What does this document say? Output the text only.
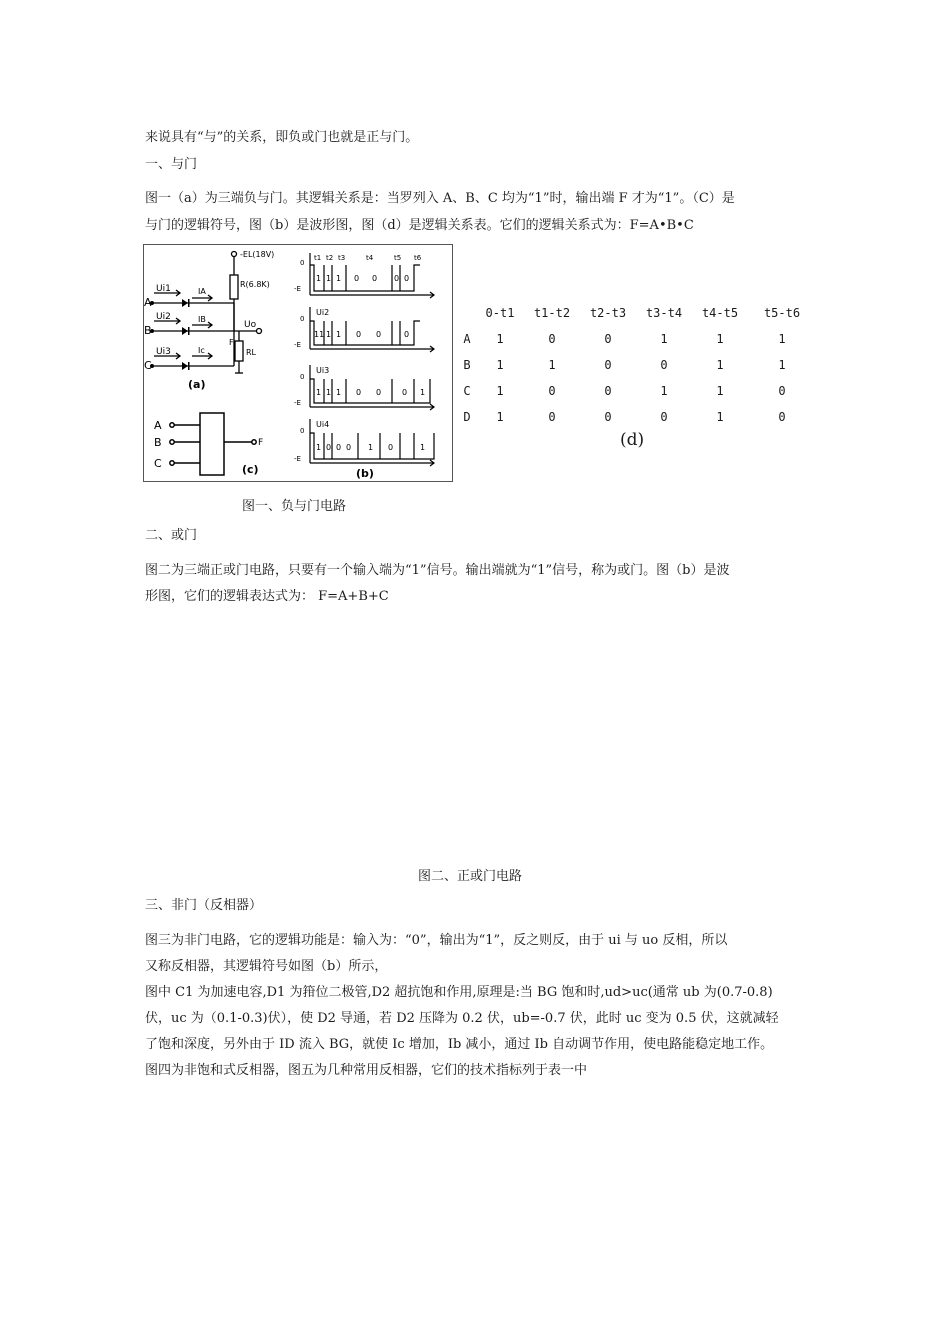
来说具有“与”的关系，即负或门也就是正与门。
一、与门
图一（a）为三端负与门。其逻辑关系是：当罗列入 A、B、C 均为“1”时，输出端 F 才为“1”。（C）是
与门的逻辑符号，图（b）是波形图，图（d）是逻辑关系表。它们的逻辑关系式为：F=A•B•C
-EL(18V)
R(6.8K)
Ui1
Ui2
Ui3
A
B
C
IA
IB
Ic
Uo
F
RL
(a)
A
B
C
F
(c)
0
-E
0
-E
0
-E
0
-E
t1 t2 t3	t4	t5 t6
Ui2
Ui3
Ui4
1 1 1 0 0 0 0
11 1 1 0 0	0
1 1 1 0 0	0 1
1 0 0 0 1 0	1
(b)
	0-t1	t1-t2	t2-t3	t3-t4	t4-t5	t5-t6
A	1	0	0	1	1	1
B	1	1	0	0	1	1
C	1	0	0	1	1	0
D	1	0	0	0	1	0
(d)
图一、负与门电路
二、或门
图二为三端正或门电路，只要有一个输入端为“1”信号。输出端就为“1”信号，称为或门。图（b）是波
形图，它们的逻辑表达式为： F=A+B+C
图二、正或门电路
三、非门（反相器）
图三为非门电路，它的逻辑功能是：输入为：“0”，输出为“1”，反之则反，由于 ui 与 uo 反相，所以
又称反相器，其逻辑符号如图（b）所示，
图中 C1 为加速电容,D1 为箝位二极管,D2 超抗饱和作用,原理是:当 BG 饱和时,ud>uc(通常 ub 为(0.7-0.8)
伏，uc 为（0.1-0.3)伏），使 D2 导通，若 D2 压降为 0.2 伏，ub=-0.7 伏，此时 uc 变为 0.5 伏，这就减轻
了饱和深度，另外由于 ID 流入 BG，就使 Ic 增加，Ib 减小，通过 Ib 自动调节作用，使电路能稳定地工作。
图四为非饱和式反相器，图五为几种常用反相器，它们的技术指标列于表一中
